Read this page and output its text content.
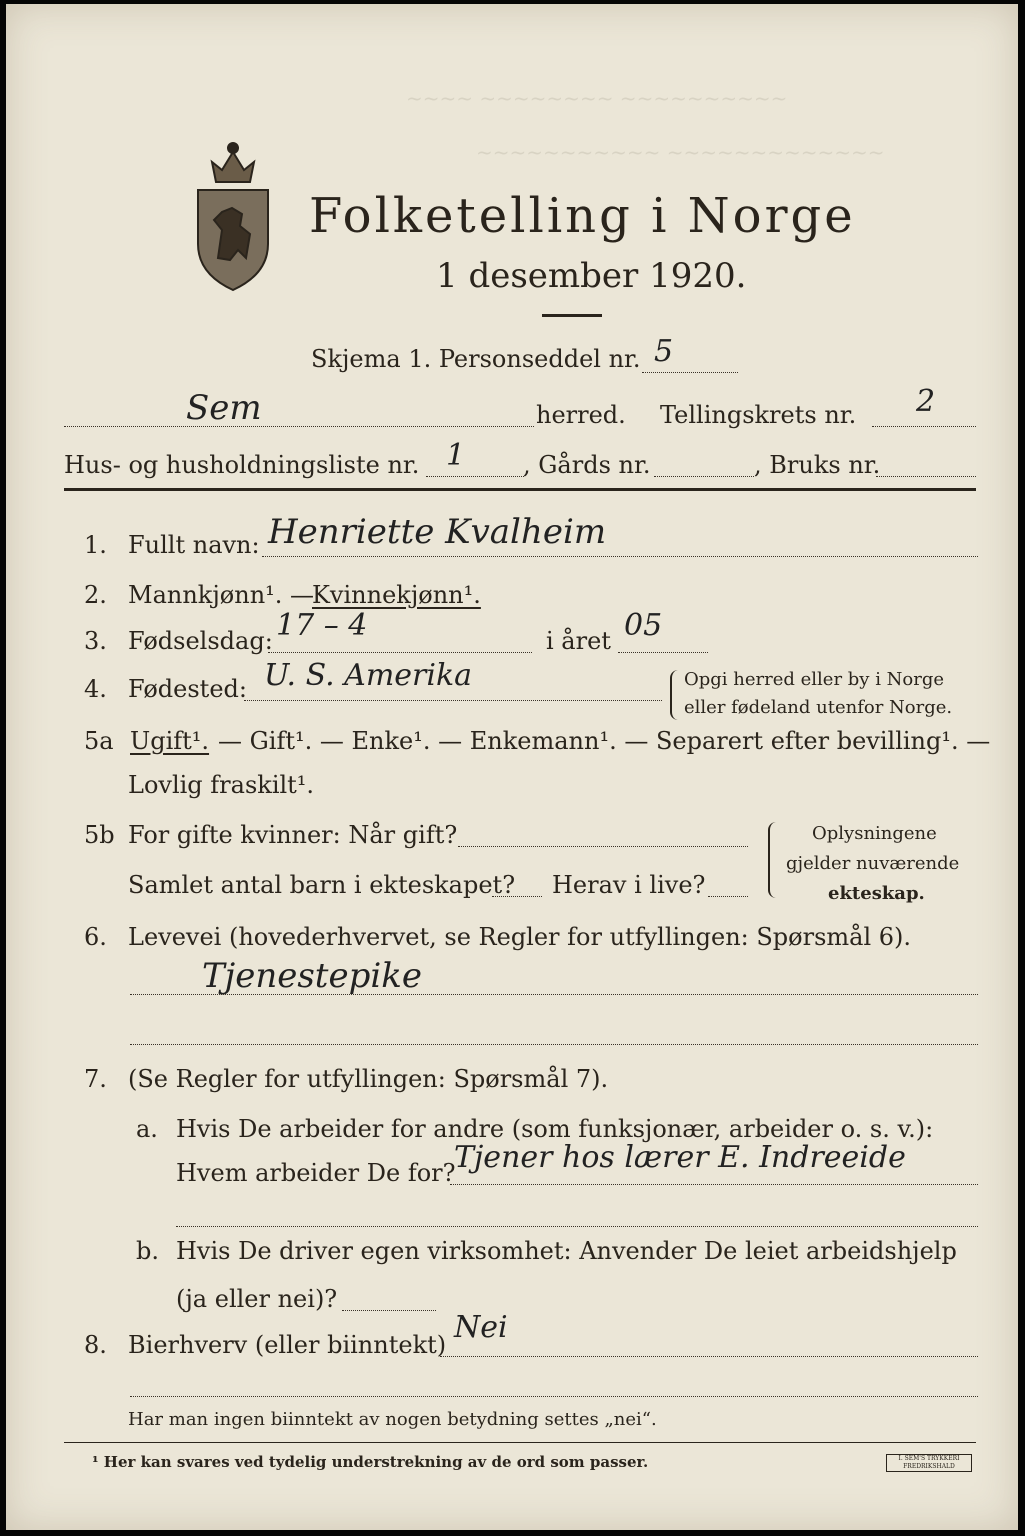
~~~~ ~~~~~~~~ ~~~~~~~~~~
~~~~~~~~~~~ ~~~~~~~~~~~~~
Folketelling i Norge
1 desember 1920.
Skjema 1. Personseddel nr. 5
Sem	herred. Tellingskrets nr. 2
Hus- og husholdningsliste nr. 1 , Gårds nr.	, Bruks nr.
1. Fullt navn: Henriette Kvalheim
2. Mannkjønn¹. —
Kvinnekjønn¹.
3. Fødselsdag: 17 – 4	i året 05
4. Fødested: U. S. Amerika	Opgi herred eller by i Norge
eller fødeland utenfor Norge.
5a Ugift¹. — Gift¹. — Enke¹. — Enkemann¹. — Separert efter bevilling¹. —
Lovlig fraskilt¹.
5b For gifte kvinner: Når gift?
Samlet antal barn i ekteskapet? Herav i live?
Oplysningene
gjelder nuværende
ekteskap.
6. Levevei (hovederhvervet, se Regler for utfyllingen: Spørsmål 6).
Tjenestepike
7. (Se Regler for utfyllingen: Spørsmål 7).
a. Hvis De arbeider for andre (som funksjonær, arbeider o. s. v.):
Hvem arbeider De for?
Tjener hos lærer E. Indreeide
b. Hvis De driver egen virksomhet: Anvender De leiet arbeidshjelp
(ja eller nei)?
8. Bierhverv (eller biinntekt) Nei
Har man ingen biinntekt av nogen betydning settes „nei“.
¹ Her kan svares ved tydelig understrekning av de ord som passer.	I. SEM'S TRYKKERI FREDRIKSHALD
